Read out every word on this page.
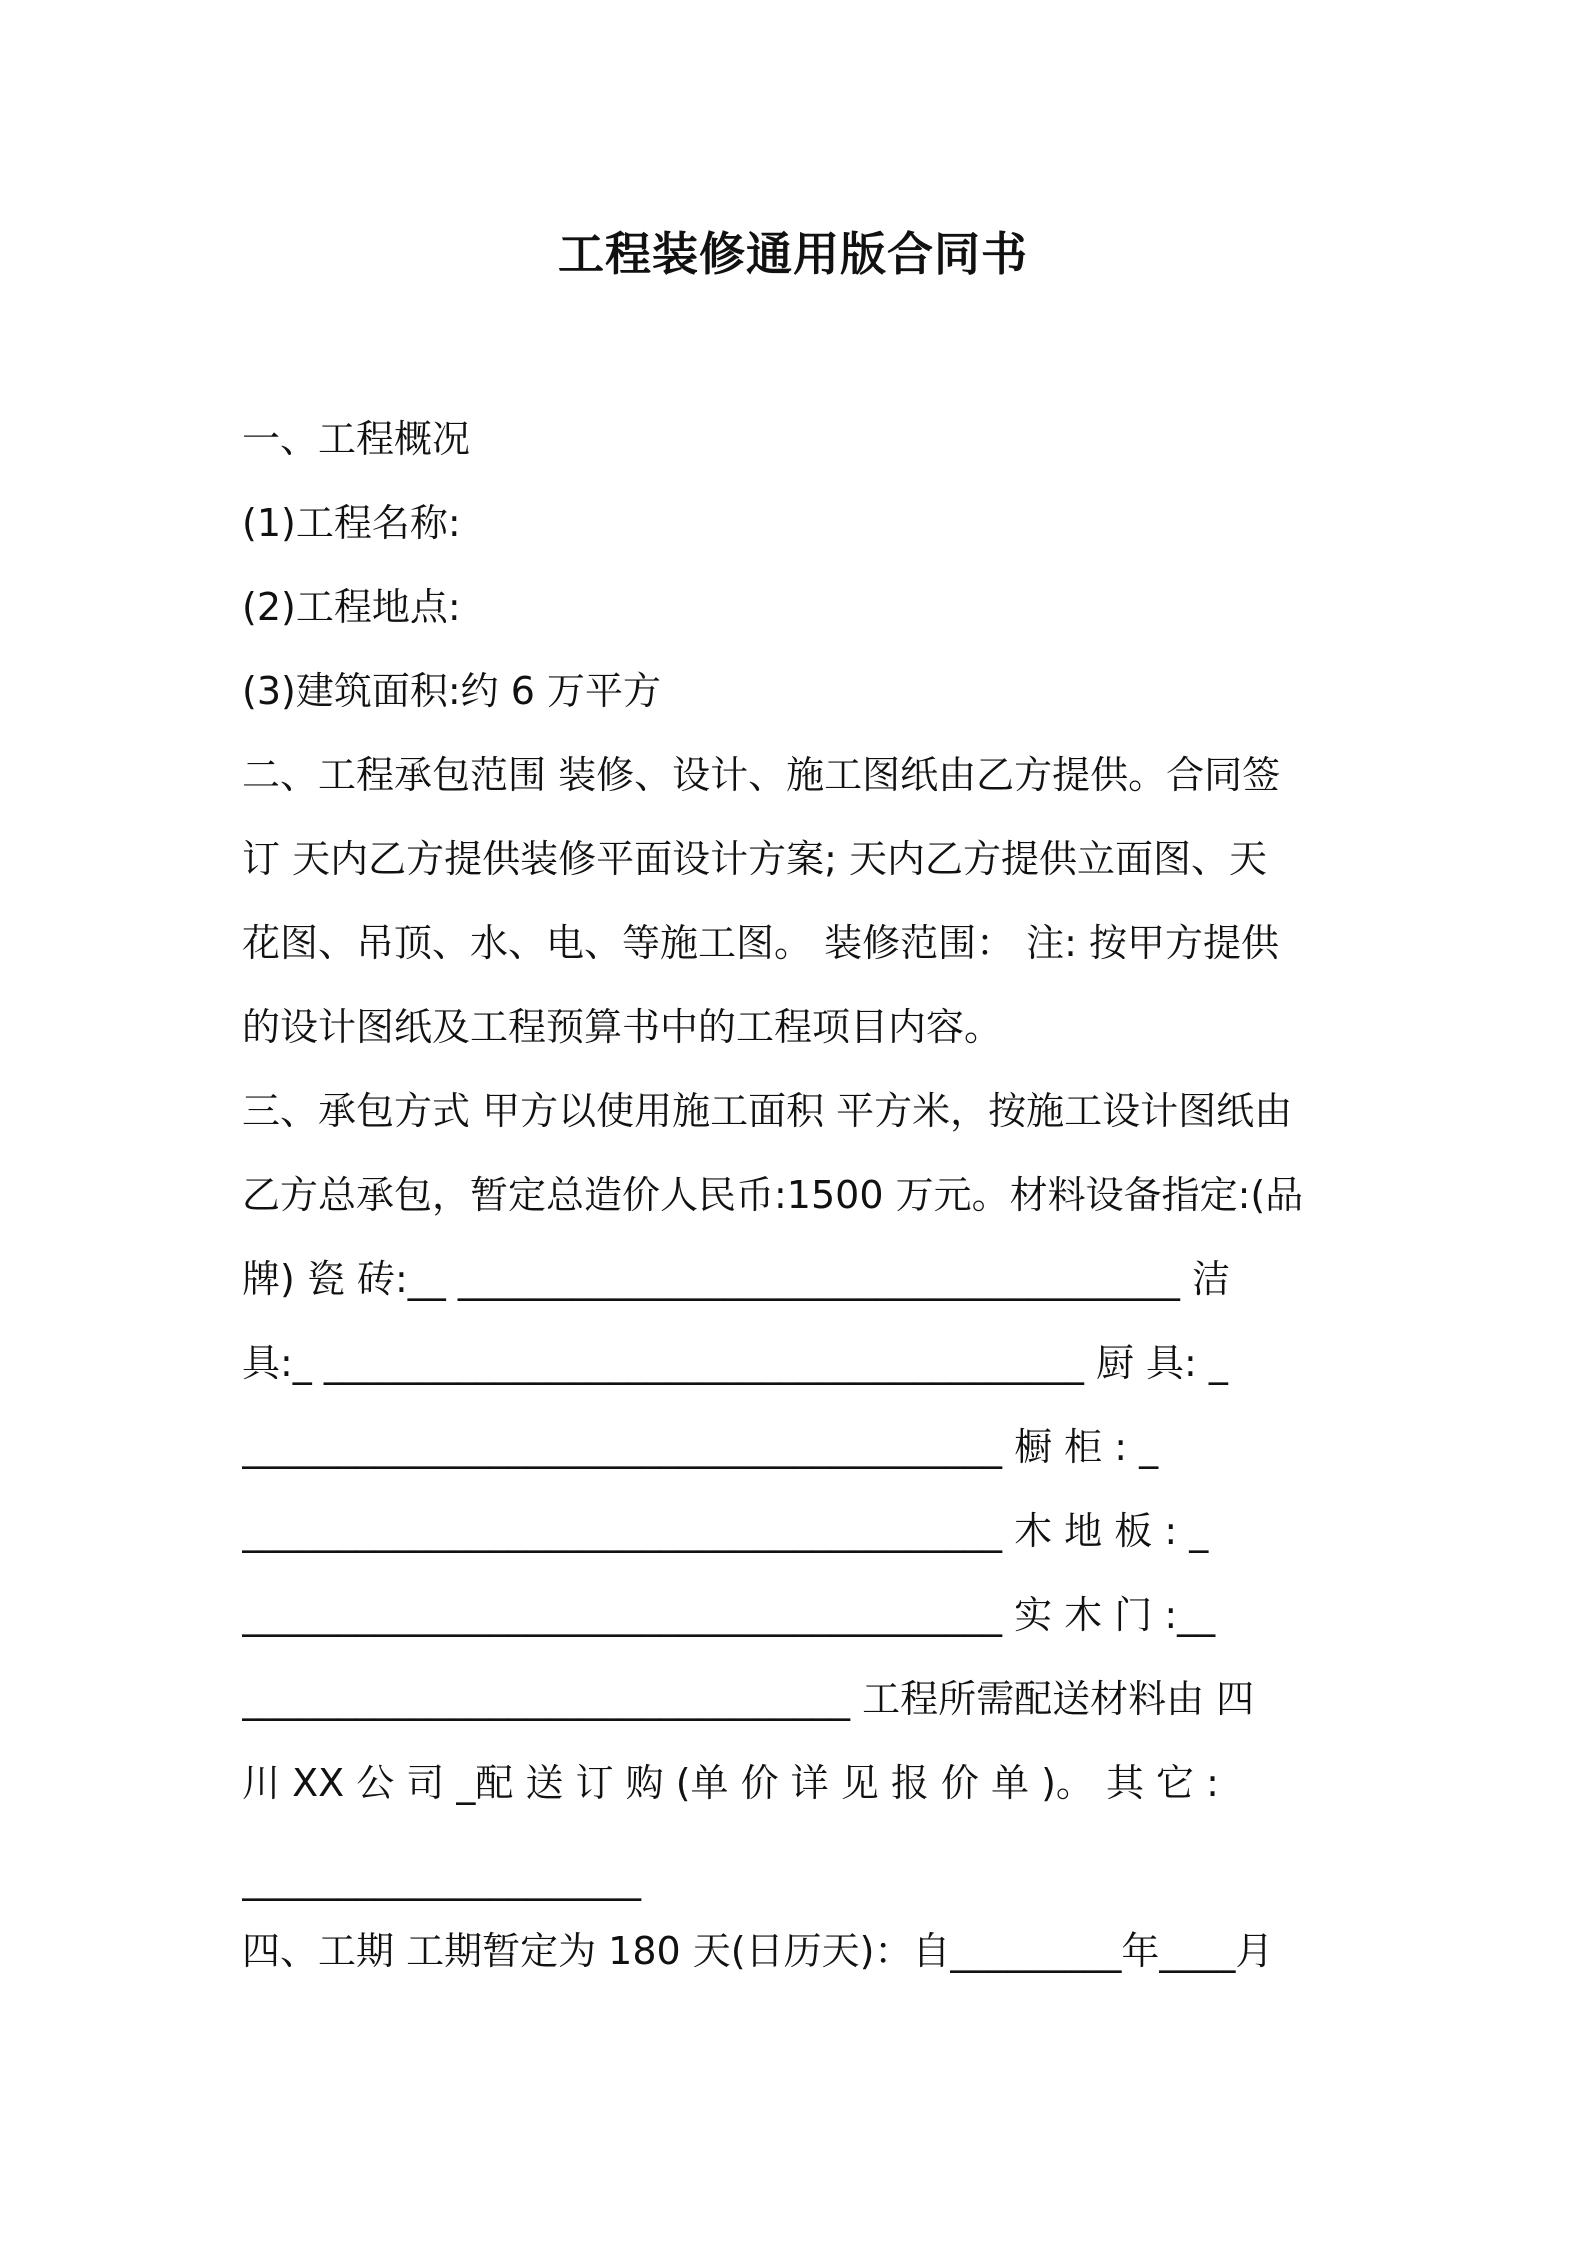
工程装修通用版合同书
一、工程概况
(1)工程名称:
(2)工程地点:
(3)建筑面积:约 6 万平方
二、工程承包范围 装修、设计、施工图纸由乙方提供。合同签
订 天内乙方提供装修平面设计方案; 天内乙方提供立面图、天
花图、吊顶、水、电、等施工图。 装修范围： 注: 按甲方提供
的设计图纸及工程预算书中的工程项目内容。
三、承包方式 甲方以使用施工面积 平方米，按施工设计图纸由
乙方总承包，暂定总造价人民币:1500 万元。材料设备指定:(品
牌) 瓷 砖:__ ______________________________________ 洁
具:_ ________________________________________ 厨 具: _
________________________________________ 橱 柜 : _
________________________________________ 木 地 板 : _
________________________________________ 实 木 门 :__
________________________________ 工程所需配送材料由 四
川 XX 公 司 _配 送 订 购 (单 价 详 见 报 价 单 )。 其 它 :
_____________________
四、工期 工期暂定为 180 天(日历天)：自_________年____月
